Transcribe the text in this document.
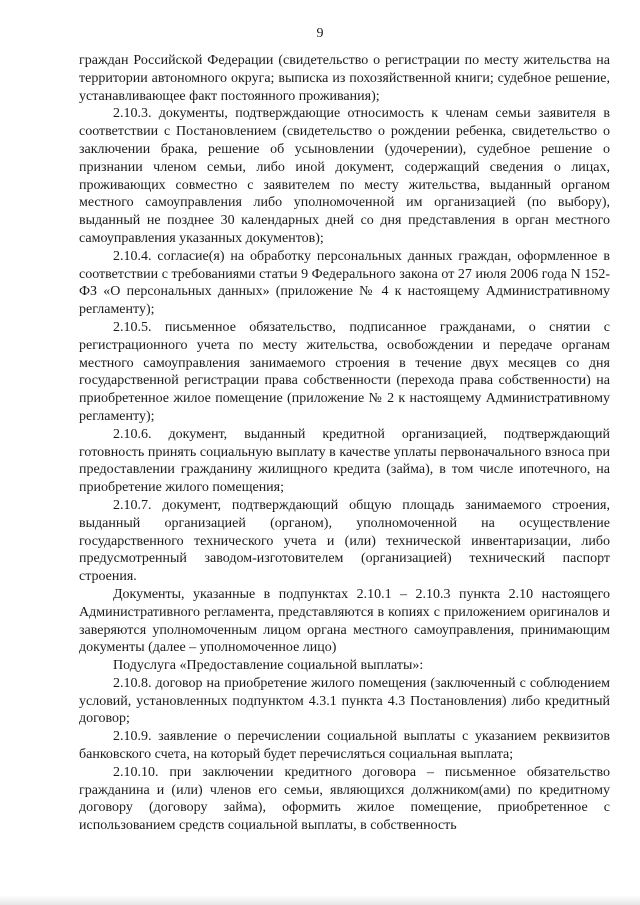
9

граждан Российской Федерации (свидетельство о регистрации по месту жительства на территории автономного округа; выписка из похозяйственной книги; судебное решение, устанавливающее факт постоянного проживания);

2.10.3. документы, подтверждающие относимость к членам семьи заявителя в соответствии с Постановлением (свидетельство о рождении ребенка, свидетельство о заключении брака, решение об усыновлении (удочерении), судебное решение о признании членом семьи, либо иной документ, содержащий сведения о лицах, проживающих совместно с заявителем по месту жительства, выданный органом местного самоуправления либо уполномоченной им организацией (по выбору), выданный не позднее 30 календарных дней со дня представления в орган местного самоуправления указанных документов);

2.10.4. согласие(я) на обработку персональных данных граждан, оформленное в соответствии с требованиями статьи 9 Федерального закона от 27 июля 2006 года N 152-ФЗ «О персональных данных» (приложение № 4 к настоящему Административному регламенту);

2.10.5. письменное обязательство, подписанное гражданами, о снятии с регистрационного учета по месту жительства, освобождении и передаче органам местного самоуправления занимаемого строения в течение двух месяцев со дня государственной регистрации права собственности (перехода права собственности) на приобретенное жилое помещение (приложение № 2 к настоящему Административному регламенту);

2.10.6. документ, выданный кредитной организацией, подтверждающий готовность принять социальную выплату в качестве уплаты первоначального взноса при предоставлении гражданину жилищного кредита (займа), в том числе ипотечного, на приобретение жилого помещения;

2.10.7. документ, подтверждающий общую площадь занимаемого строения, выданный организацией (органом), уполномоченной на осуществление государственного технического учета и (или) технической инвентаризации, либо предусмотренный заводом-изготовителем (организацией) технический паспорт строения.

Документы, указанные в подпунктах 2.10.1 – 2.10.3 пункта 2.10 настоящего Административного регламента, представляются в копиях с приложением оригиналов и заверяются уполномоченным лицом органа местного самоуправления, принимающим документы (далее – уполномоченное лицо)

Подуслуга «Предоставление социальной выплаты»:

2.10.8. договор на приобретение жилого помещения (заключенный с соблюдением условий, установленных подпунктом 4.3.1 пункта 4.3 Постановления) либо кредитный договор;

2.10.9. заявление о перечислении социальной выплаты с указанием реквизитов банковского счета, на который будет перечисляться социальная выплата;

2.10.10. при заключении кредитного договора – письменное обязательство гражданина и (или) членов его семьи, являющихся должником(ами) по кредитному договору (договору займа), оформить жилое помещение, приобретенное с использованием средств социальной выплаты, в собственность
